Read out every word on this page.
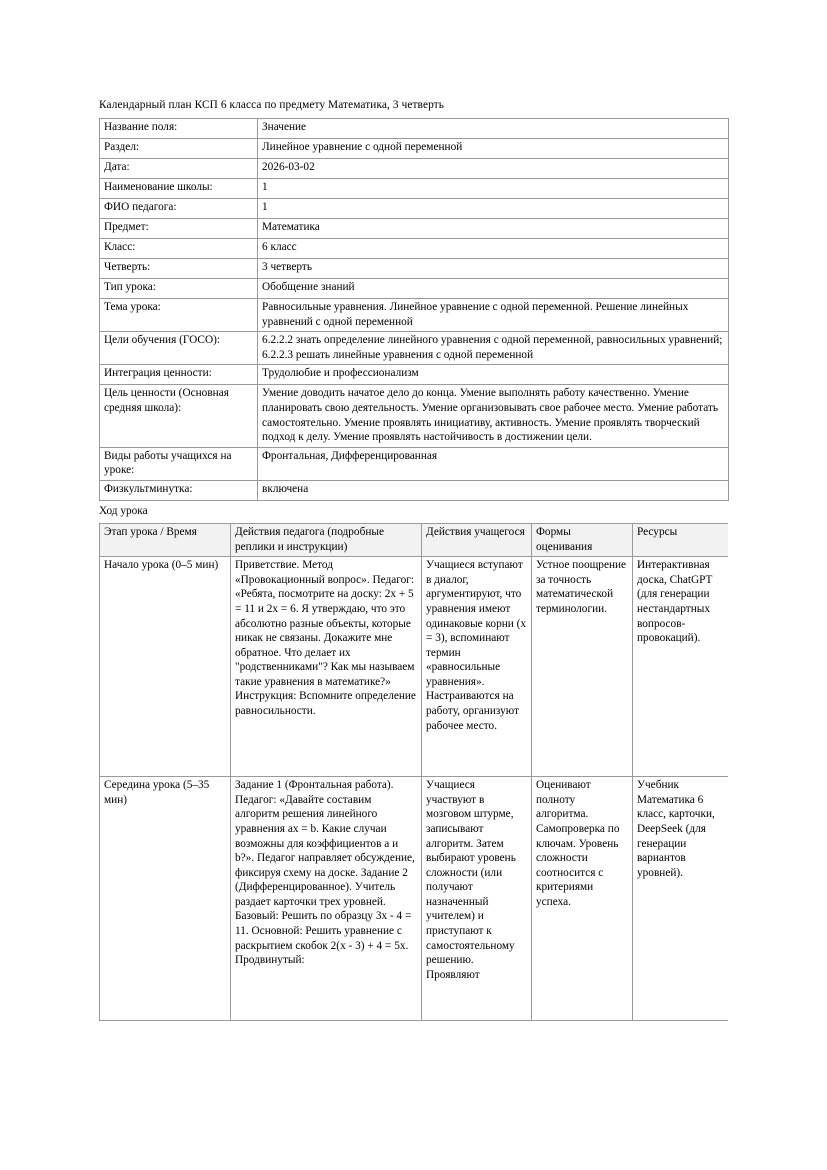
Календарный план КСП 6 класса по предмету Математика, 3 четверть
Название поля:	Значение
Раздел:	Линейное уравнение с одной переменной
Дата:	2026-03-02
Наименование школы:	1
ФИО педагога:	1
Предмет:	Математика
Класс:	6 класс
Четверть:	3 четверть
Тип урока:	Обобщение знаний
Тема урока:	Равносильные уравнения. Линейное уравнение с одной переменной. Решение линейных уравнений с одной переменной
Цели обучения (ГОСО):	6.2.2.2 знать определение линейного уравнения с одной переменной, равносильных уравнений; 6.2.2.3 решать линейные уравнения с одной переменной
Интеграция ценности:	Трудолюбие и профессионализм
Цель ценности (Основная средняя школа):	Умение доводить начатое дело до конца. Умение выполнять работу качественно. Умение планировать свою деятельность. Умение организовывать свое рабочее место. Умение работать самостоятельно. Умение проявлять инициативу, активность. Умение проявлять творческий подход к делу. Умение проявлять настойчивость в достижении цели.
Виды работы учащихся на уроке:	Фронтальная, Дифференцированная
Физкультминутка:	включена
Ход урока
Этап урока / Время	Действия педагога (подробные реплики и инструкции)	Действия учащегося	Формы оценивания	Ресурсы
Начало урока (0–5 мин)	Приветствие. Метод «Провокационный вопрос». Педагог: «Ребята, посмотрите на доску: 2x + 5 = 11 и 2x = 6. Я утверждаю, что это абсолютно разные объекты, которые никак не связаны. Докажите мне обратное. Что делает их "родственниками"? Как мы называем такие уравнения в математике?» Инструкция: Вспомните определение равносильности.	Учащиеся вступают в диалог, аргументируют, что уравнения имеют одинаковые корни (x = 3), вспоминают термин «равносильные уравнения». Настраиваются на работу, организуют рабочее место.	Устное поощрение за точность математической терминологии.	Интерактивная доска, ChatGPT (для генерации нестандартных вопросов-провокаций).
Середина урока (5–35 мин)	Задание 1 (Фронтальная работа). Педагог: «Давайте составим алгоритм решения линейного уравнения ax = b. Какие случаи возможны для коэффициентов a и b?». Педагог направляет обсуждение, фиксируя схему на доске. Задание 2 (Дифференцированное). Учитель раздает карточки трех уровней. Базовый: Решить по образцу 3x - 4 = 11. Основной: Решить уравнение с раскрытием скобок 2(x - 3) + 4 = 5x. Продвинутый:	Учащиеся участвуют в мозговом штурме, записывают алгоритм. Затем выбирают уровень сложности (или получают назначенный учителем) и приступают к самостоятельному решению. Проявляют	Оценивают полноту алгоритма. Самопроверка по ключам. Уровень сложности соотносится с критериями успеха.	Учебник Математика 6 класс, карточки, DeepSeek (для генерации вариантов уровней).
